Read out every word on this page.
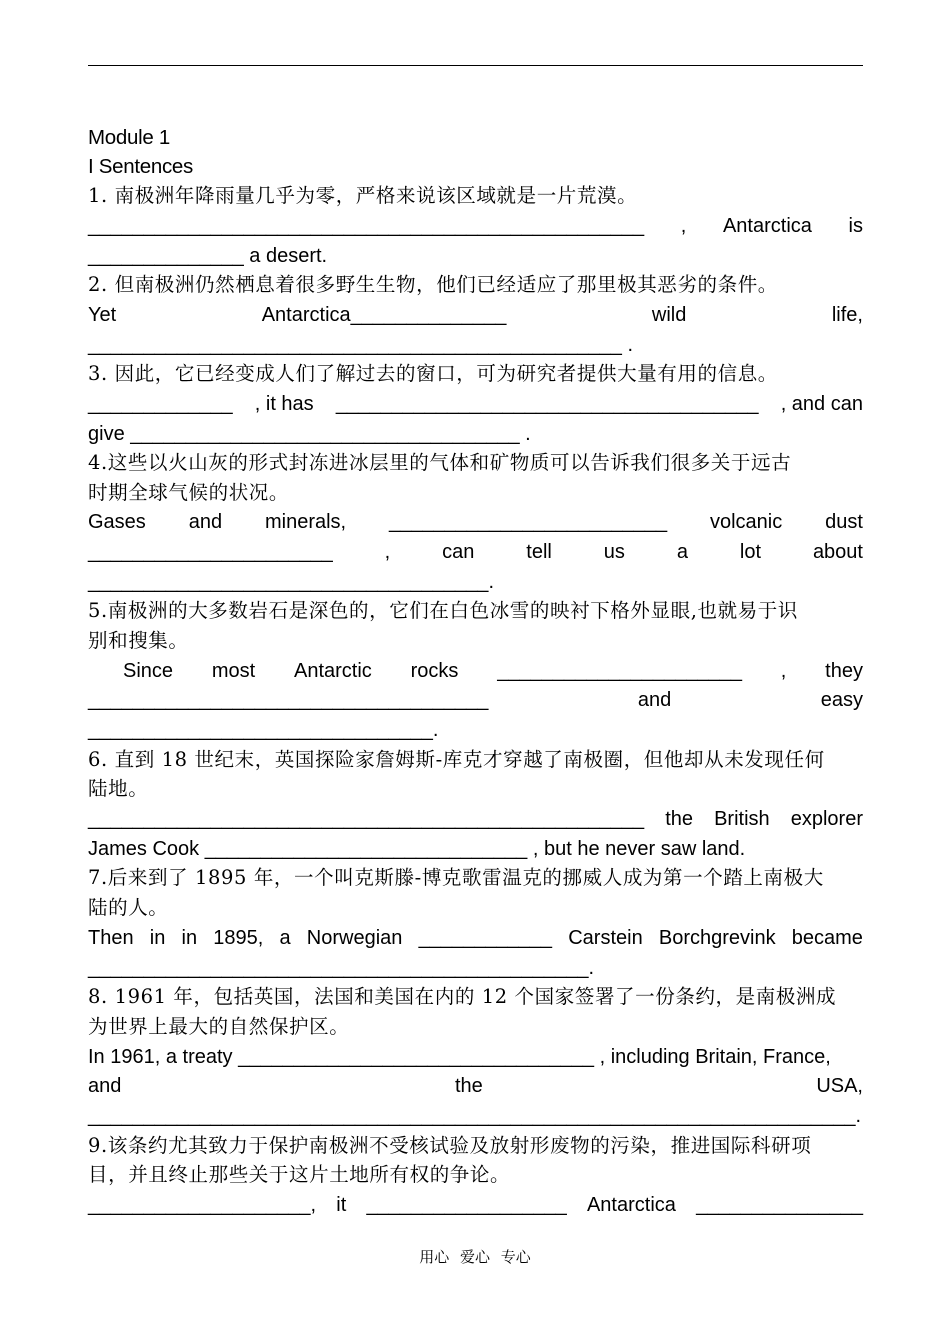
Module 1
I Sentences
1. 南极洲年降雨量几乎为零，严格来说该区域就是一片荒漠。
__________________________________________________ , Antarctica is
______________ a desert.
2. 但南极洲仍然栖息着很多野生生物，他们已经适应了那里极其恶劣的条件。
Yet	Antarctica______________	wild	life,
________________________________________________ .
3. 因此，它已经变成人们了解过去的窗口，可为研究者提供大量有用的信息。
_____________ , it has ______________________________________ , and can
give ___________________________________ .
4.这些以火山灰的形式封冻进冰层里的气体和矿物质可以告诉我们很多关于远古
时期全球气候的状况。
Gases and minerals, _________________________ volcanic dust
______________________	,	can	tell	us	a	lot	about
____________________________________.
5.南极洲的大多数岩石是深色的，它们在白色冰雪的映衬下格外显眼,也就易于识
别和搜集。
Since most Antarctic rocks ______________________ , they
____________________________________	and	easy
_______________________________.
6. 直到 18 世纪末，英国探险家詹姆斯-库克才穿越了南极圈，但他却从未发现任何
陆地。
__________________________________________________ the British explorer
James Cook _____________________________ , but he never saw land.
7.后来到了 1895 年，一个叫克斯滕-博克歌雷温克的挪威人成为第一个踏上南极大
陆的人。
Then in in 1895, a Norwegian ____________ Carstein Borchgrevink became
_____________________________________________.
8. 1961 年，包括英国，法国和美国在内的 12 个国家签署了一份条约，是南极洲成
为世界上最大的自然保护区。
In 1961, a treaty ________________________________ , including Britain, France,
and	the	USA,
_____________________________________________________________________.
9.该条约尤其致力于保护南极洲不受核试验及放射形废物的污染，推进国际科研项
目，并且终止那些关于这片土地所有权的争论。
____________________, it __________________ Antarctica _______________
用心 爱心 专心
